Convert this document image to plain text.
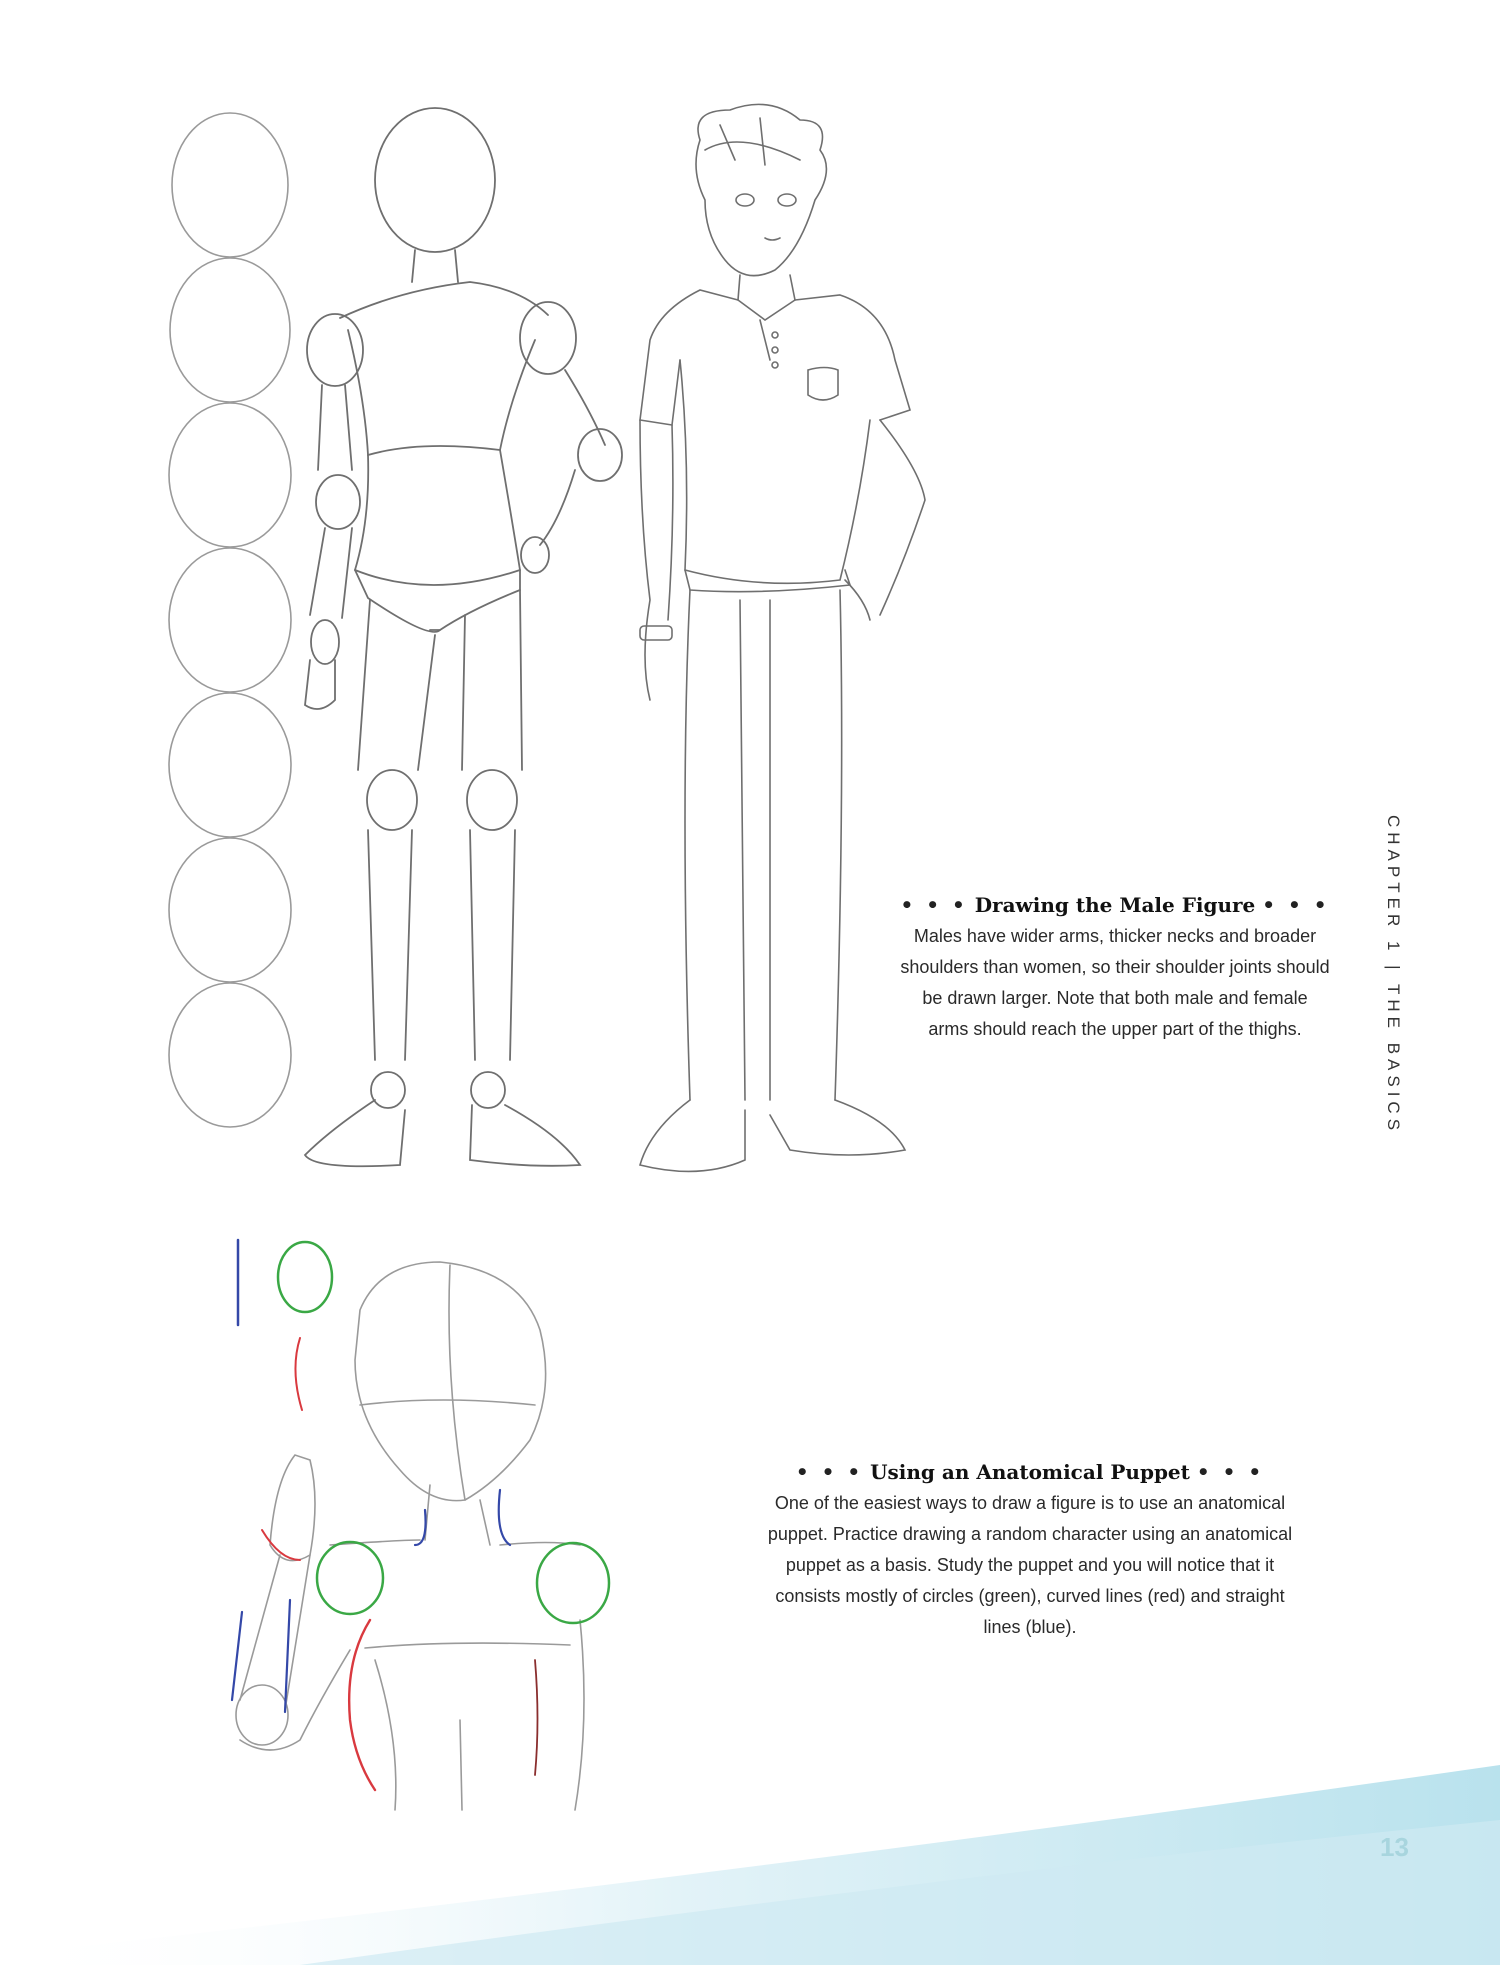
• • • Drawing the Male Figure • • •
Males have wider arms, thicker necks and broader shoulders than women, so their shoulder joints should be drawn larger. Note that both male and female arms should reach the upper part of the thighs.
• • • Using an Anatomical Puppet • • •
One of the easiest ways to draw a figure is to use an anatomical puppet. Practice drawing a random character using an anatomical puppet as a basis. Study the puppet and you will notice that it consists mostly of circles (green), curved lines (red) and straight lines (blue).
CHAPTER 1 | THE BASICS
13
